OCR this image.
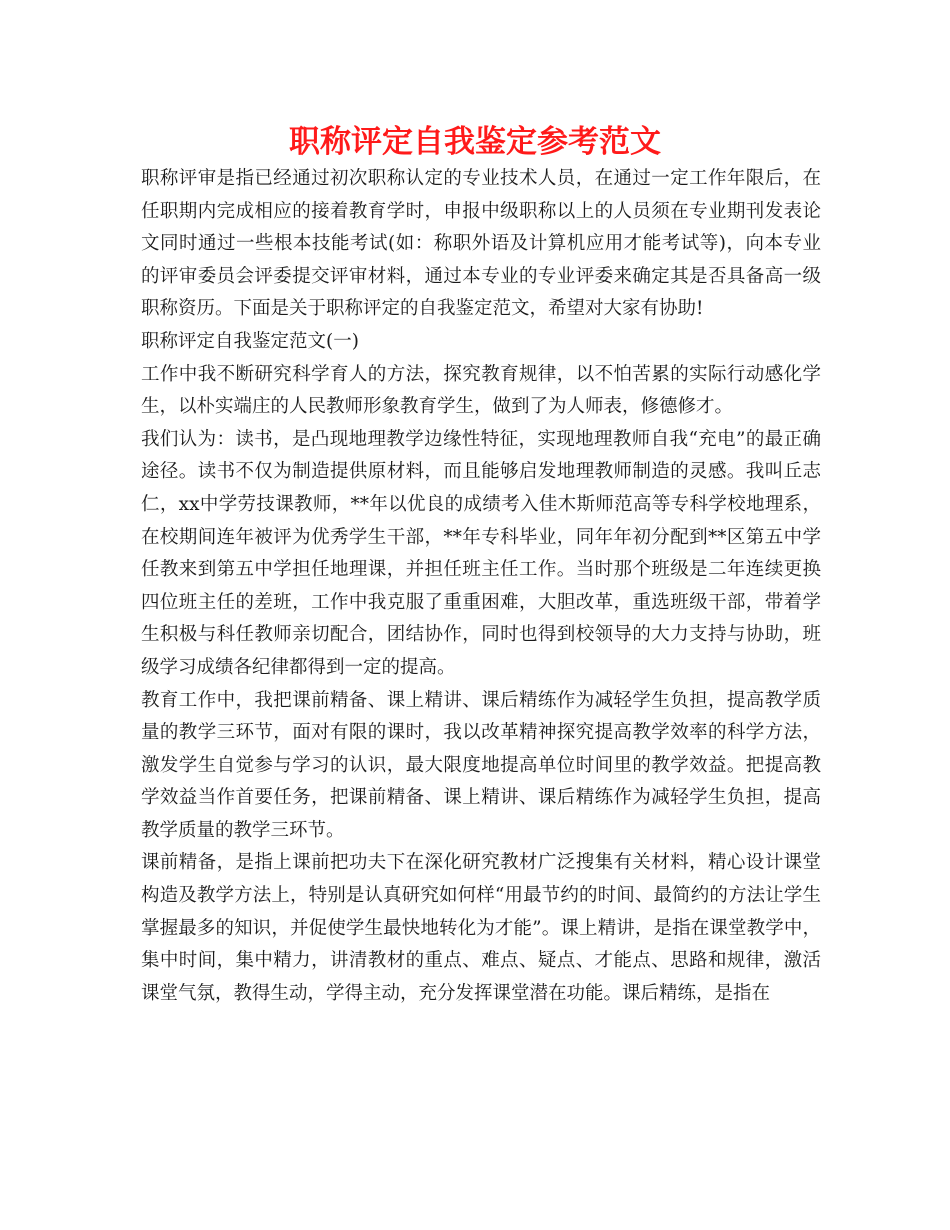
职称评定自我鉴定参考范文

职称评审是指已经通过初次职称认定的专业技术人员，在通过一定工作年限后，在任职期内完成相应的接着教育学时，申报中级职称以上的人员须在专业期刊发表论文同时通过一些根本技能考试(如：称职外语及计算机应用才能考试等)，向本专业的评审委员会评委提交评审材料，通过本专业的专业评委来确定其是否具备高一级职称资历。下面是关于职称评定的自我鉴定范文，希望对大家有协助!

职称评定自我鉴定范文(一)

工作中我不断研究科学育人的方法，探究教育规律，以不怕苦累的实际行动感化学生，以朴实端庄的人民教师形象教育学生，做到了为人师表，修德修才。

我们认为：读书，是凸现地理教学边缘性特征，实现地理教师自我“充电”的最正确途径。读书不仅为制造提供原材料，而且能够启发地理教师制造的灵感。我叫丘志仁，xx中学劳技课教师，**年以优良的成绩考入佳木斯师范高等专科学校地理系，在校期间连年被评为优秀学生干部，**年专科毕业，同年年初分配到**区第五中学任教来到第五中学担任地理课，并担任班主任工作。当时那个班级是二年连续更换四位班主任的差班，工作中我克服了重重困难，大胆改革，重选班级干部，带着学生积极与科任教师亲切配合，团结协作，同时也得到校领导的大力支持与协助，班级学习成绩各纪律都得到一定的提高。

教育工作中，我把课前精备、课上精讲、课后精练作为减轻学生负担，提高教学质量的教学三环节，面对有限的课时，我以改革精神探究提高教学效率的科学方法，激发学生自觉参与学习的认识，最大限度地提高单位时间里的教学效益。把提高教学效益当作首要任务，把课前精备、课上精讲、课后精练作为减轻学生负担，提高教学质量的教学三环节。

课前精备，是指上课前把功夫下在深化研究教材广泛搜集有关材料，精心设计课堂构造及教学方法上，特别是认真研究如何样“用最节约的时间、最简约的方法让学生掌握最多的知识，并促使学生最快地转化为才能”。课上精讲，是指在课堂教学中，集中时间，集中精力，讲清教材的重点、难点、疑点、才能点、思路和规律，激活课堂气氛，教得生动，学得主动，充分发挥课堂潜在功能。课后精练，是指在
